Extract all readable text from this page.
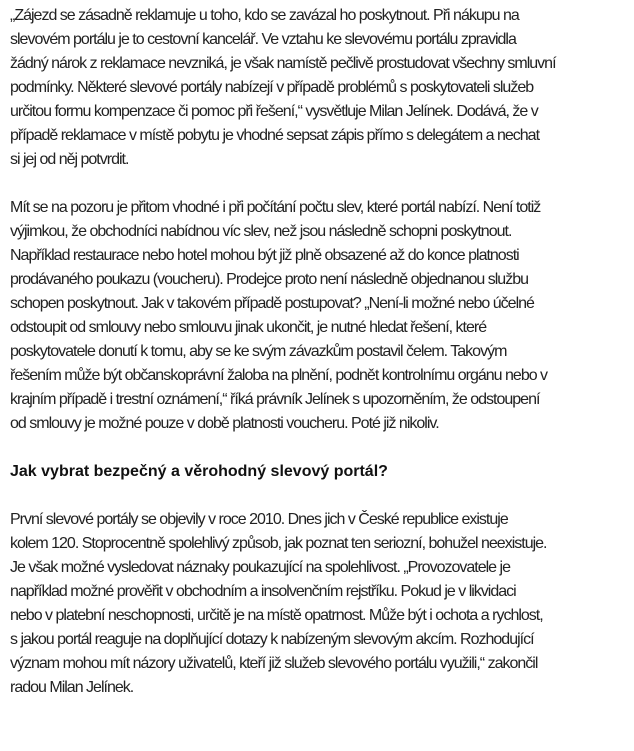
„Zájezd se zásadně reklamuje u toho, kdo se zavázal ho poskytnout. Při nákupu na
slevovém portálu je to cestovní kancelář. Ve vztahu ke slevovému portálu zpravidla
žádný nárok z reklamace nevzniká, je však namístě pečlivě prostudovat všechny smluvní
podmínky. Některé slevové portály nabízejí v případě problémů s poskytovateli služeb
určitou formu kompenzace či pomoc při řešení,“ vysvětluje Milan Jelínek. Dodává, že v
případě reklamace v místě pobytu je vhodné sepsat zápis přímo s delegátem a nechat
si jej od něj potvrdit.

Mít se na pozoru je přitom vhodné i při počítání počtu slev, které portál nabízí. Není totiž
výjimkou, že obchodníci nabídnou víc slev, než jsou následně schopni poskytnout.
Například restaurace nebo hotel mohou být již plně obsazené až do konce platnosti
prodávaného poukazu (voucheru). Prodejce proto není následně objednanou službu
schopen poskytnout. Jak v takovém případě postupovat? „Není-li možné nebo účelné
odstoupit od smlouvy nebo smlouvu jinak ukončit, je nutné hledat řešení, které
poskytovatele donutí k tomu, aby se ke svým závazkům postavil čelem. Takovým
řešením může být občanskoprávní žaloba na plnění, podnět kontrolnímu orgánu nebo v
krajním případě i trestní oznámení,“ říká právník Jelínek s upozorněním, že odstoupení
od smlouvy je možné pouze v době platnosti voucheru. Poté již nikoliv.

Jak vybrat bezpečný a věrohodný slevový portál?

První slevové portály se objevily v roce 2010. Dnes jich v České republice existuje
kolem 120. Stoprocentně spolehlivý způsob, jak poznat ten seriozní, bohužel neexistuje.
Je však možné vysledovat náznaky poukazující na spolehlivost. „Provozovatele je
například možné prověřit v obchodním a insolvenčním rejstříku. Pokud je v likvidaci
nebo v platební neschopnosti, určitě je na místě opatrnost. Může být i ochota a rychlost,
s jakou portál reaguje na doplňující dotazy k nabízeným slevovým akcím. Rozhodující
význam mohou mít názory uživatelů, kteří již služeb slevového portálu využili,“ zakončil
radou Milan Jelínek.
